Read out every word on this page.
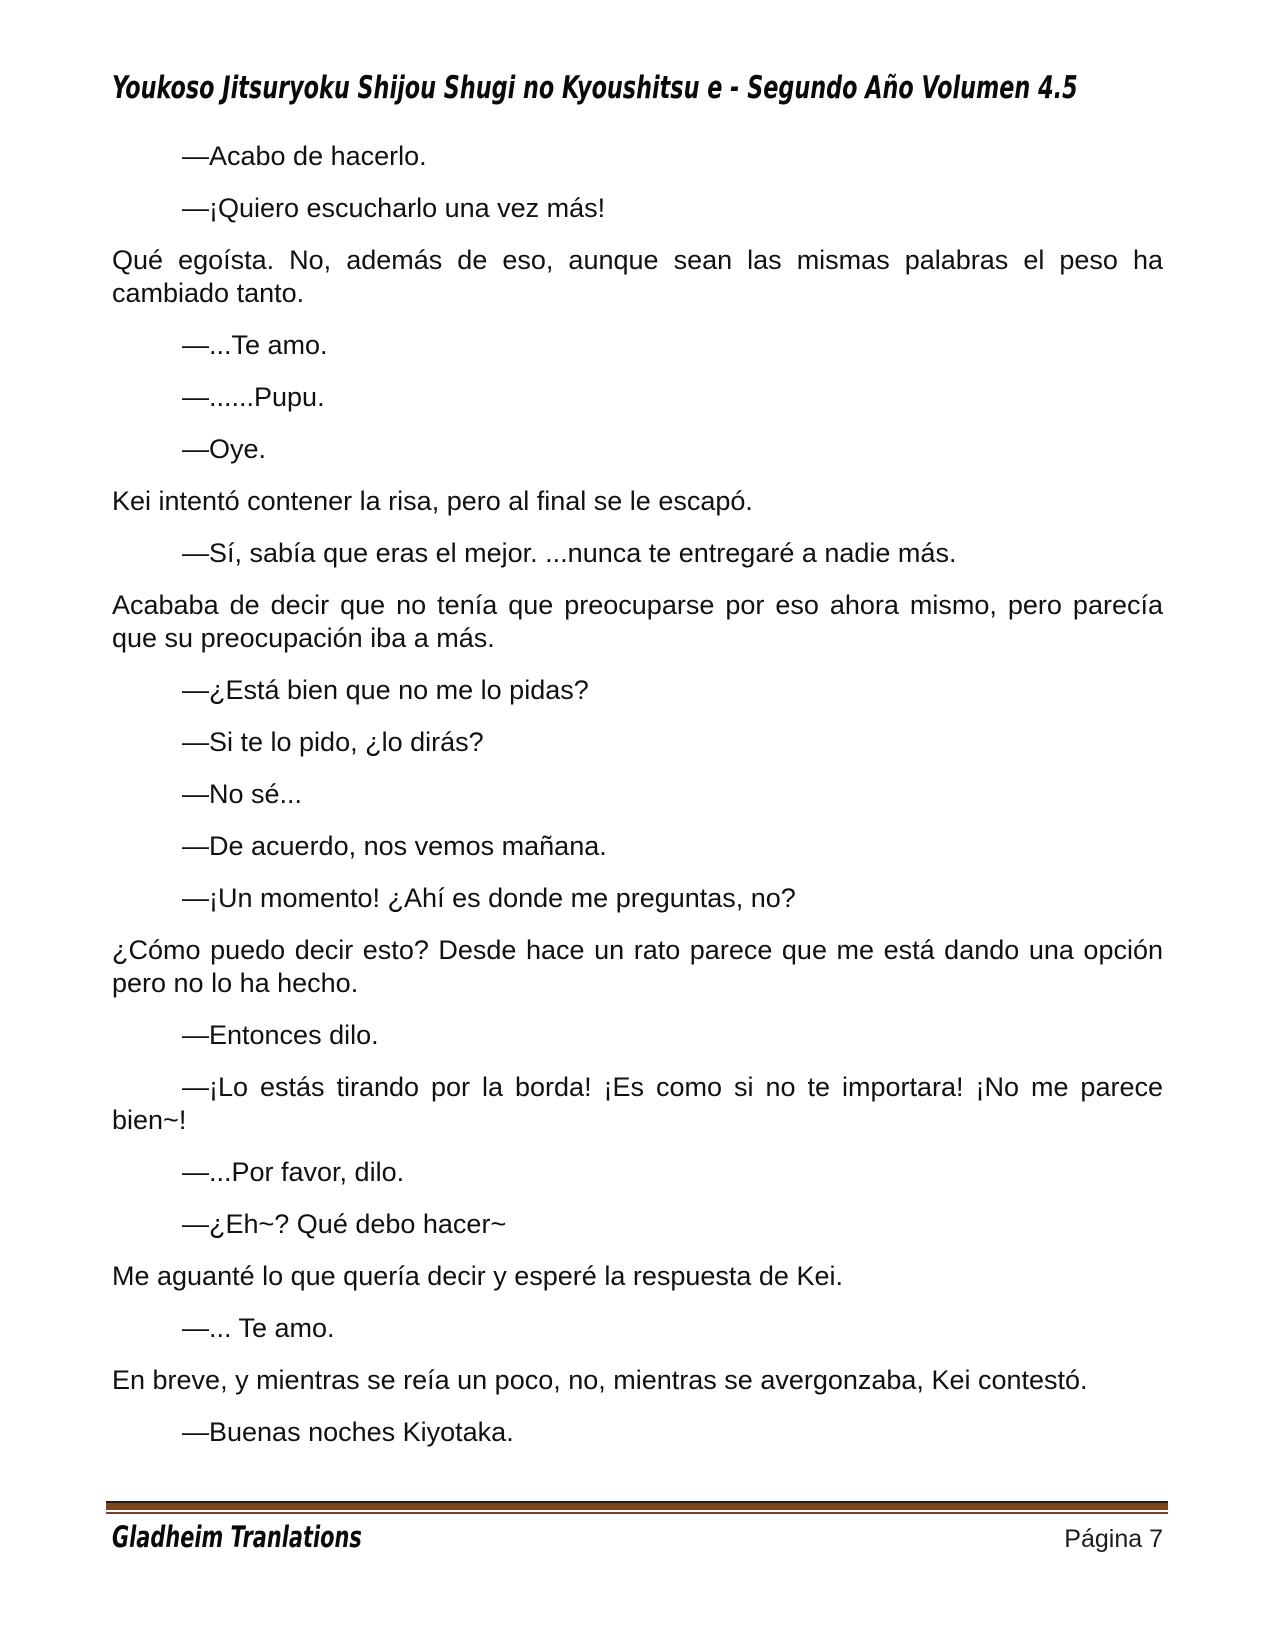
Youkoso Jitsuryoku Shijou Shugi no Kyoushitsu e - Segundo Año Volumen 4.5

—Acabo de hacerlo.

—¡Quiero escucharlo una vez más!

Qué egoísta. No, además de eso, aunque sean las mismas palabras el peso ha cambiado tanto.

—...Te amo.

—......Pupu.

—Oye.

Kei intentó contener la risa, pero al final se le escapó.

—Sí, sabía que eras el mejor. ...nunca te entregaré a nadie más.

Acababa de decir que no tenía que preocuparse por eso ahora mismo, pero parecía que su preocupación iba a más.

—¿Está bien que no me lo pidas?

—Si te lo pido, ¿lo dirás?

—No sé...

—De acuerdo, nos vemos mañana.

—¡Un momento! ¿Ahí es donde me preguntas, no?

¿Cómo puedo decir esto? Desde hace un rato parece que me está dando una opción pero no lo ha hecho.

—Entonces dilo.

—¡Lo estás tirando por la borda! ¡Es como si no te importara! ¡No me parece bien~!

—...Por favor, dilo.

—¿Eh~? Qué debo hacer~

Me aguanté lo que quería decir y esperé la respuesta de Kei.

—... Te amo.

En breve, y mientras se reía un poco, no, mientras se avergonzaba, Kei contestó.

—Buenas noches Kiyotaka.

Gladheim Tranlations	Página 7
